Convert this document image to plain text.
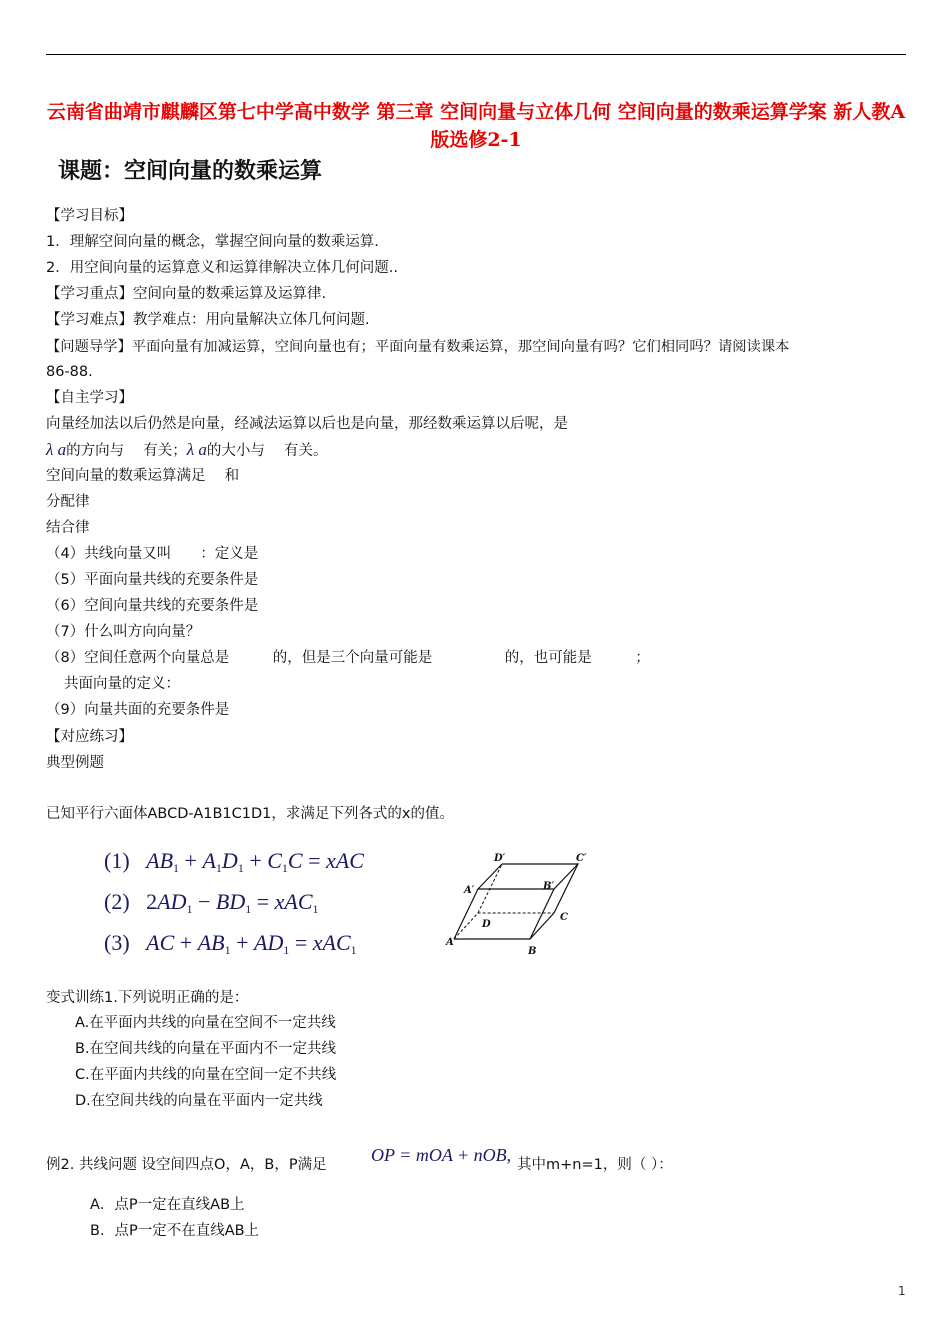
云南省曲靖市麒麟区第七中学高中数学 第三章 空间向量与立体几何 空间向量的数乘运算学案 新人教A版选修2-1
课题：空间向量的数乘运算
【学习目标】
1．理解空间向量的概念，掌握空间向量的数乘运算.
2．用空间向量的运算意义和运算律解决立体几何问题..
【学习重点】空间向量的数乘运算及运算律.
【学习难点】教学难点：用向量解决立体几何问题.
【问题导学】平面向量有加减运算，空间向量也有；平面向量有数乘运算，那空间向量有吗？它们相同吗？请阅读课本
86-88.
【自主学习】
向量经加法以后仍然是向量，经减法运算以后也是向量，那经数乘运算以后呢，是
λ a的方向与　 有关；λ a的大小与　 有关。
空间向量的数乘运算满足　 和
分配律
结合律
（4）共线向量又叫　　：定义是
（5）平面向量共线的充要条件是
（6）空间向量共线的充要条件是
（7）什么叫方向向量？
（8）空间任意两个向量总是　　　的，但是三个向量可能是　　　　　的，也可能是　　　；
共面向量的定义：
（9）向量共面的充要条件是
【对应练习】
典型例题
已知平行六面体ABCD-A1B1C1D1，求满足下列各式的x的值。
(1) $AB_1 + A_1D_1 + C_1C$ = xAC
(2)   $2AD_1 - BD_1 = xAC_1$
(3) AC + $AB_1 + AD_1 = xAC_1$
D′	C′
A′	B′
D
C
A
B
变式训练1.下列说明正确的是：
A.在平面内共线的向量在空间不一定共线
B.在空间共线的向量在平面内不一定共线
C.在平面内共线的向量在空间一定不共线
D.在空间共线的向量在平面内一定共线
例2. 共线问题 设空间四点O，A，B，P满足 OP = mOA + nOB, 其中m+n=1，则（ ）：
A．点P一定在直线AB上
B．点P一定不在直线AB上
1
